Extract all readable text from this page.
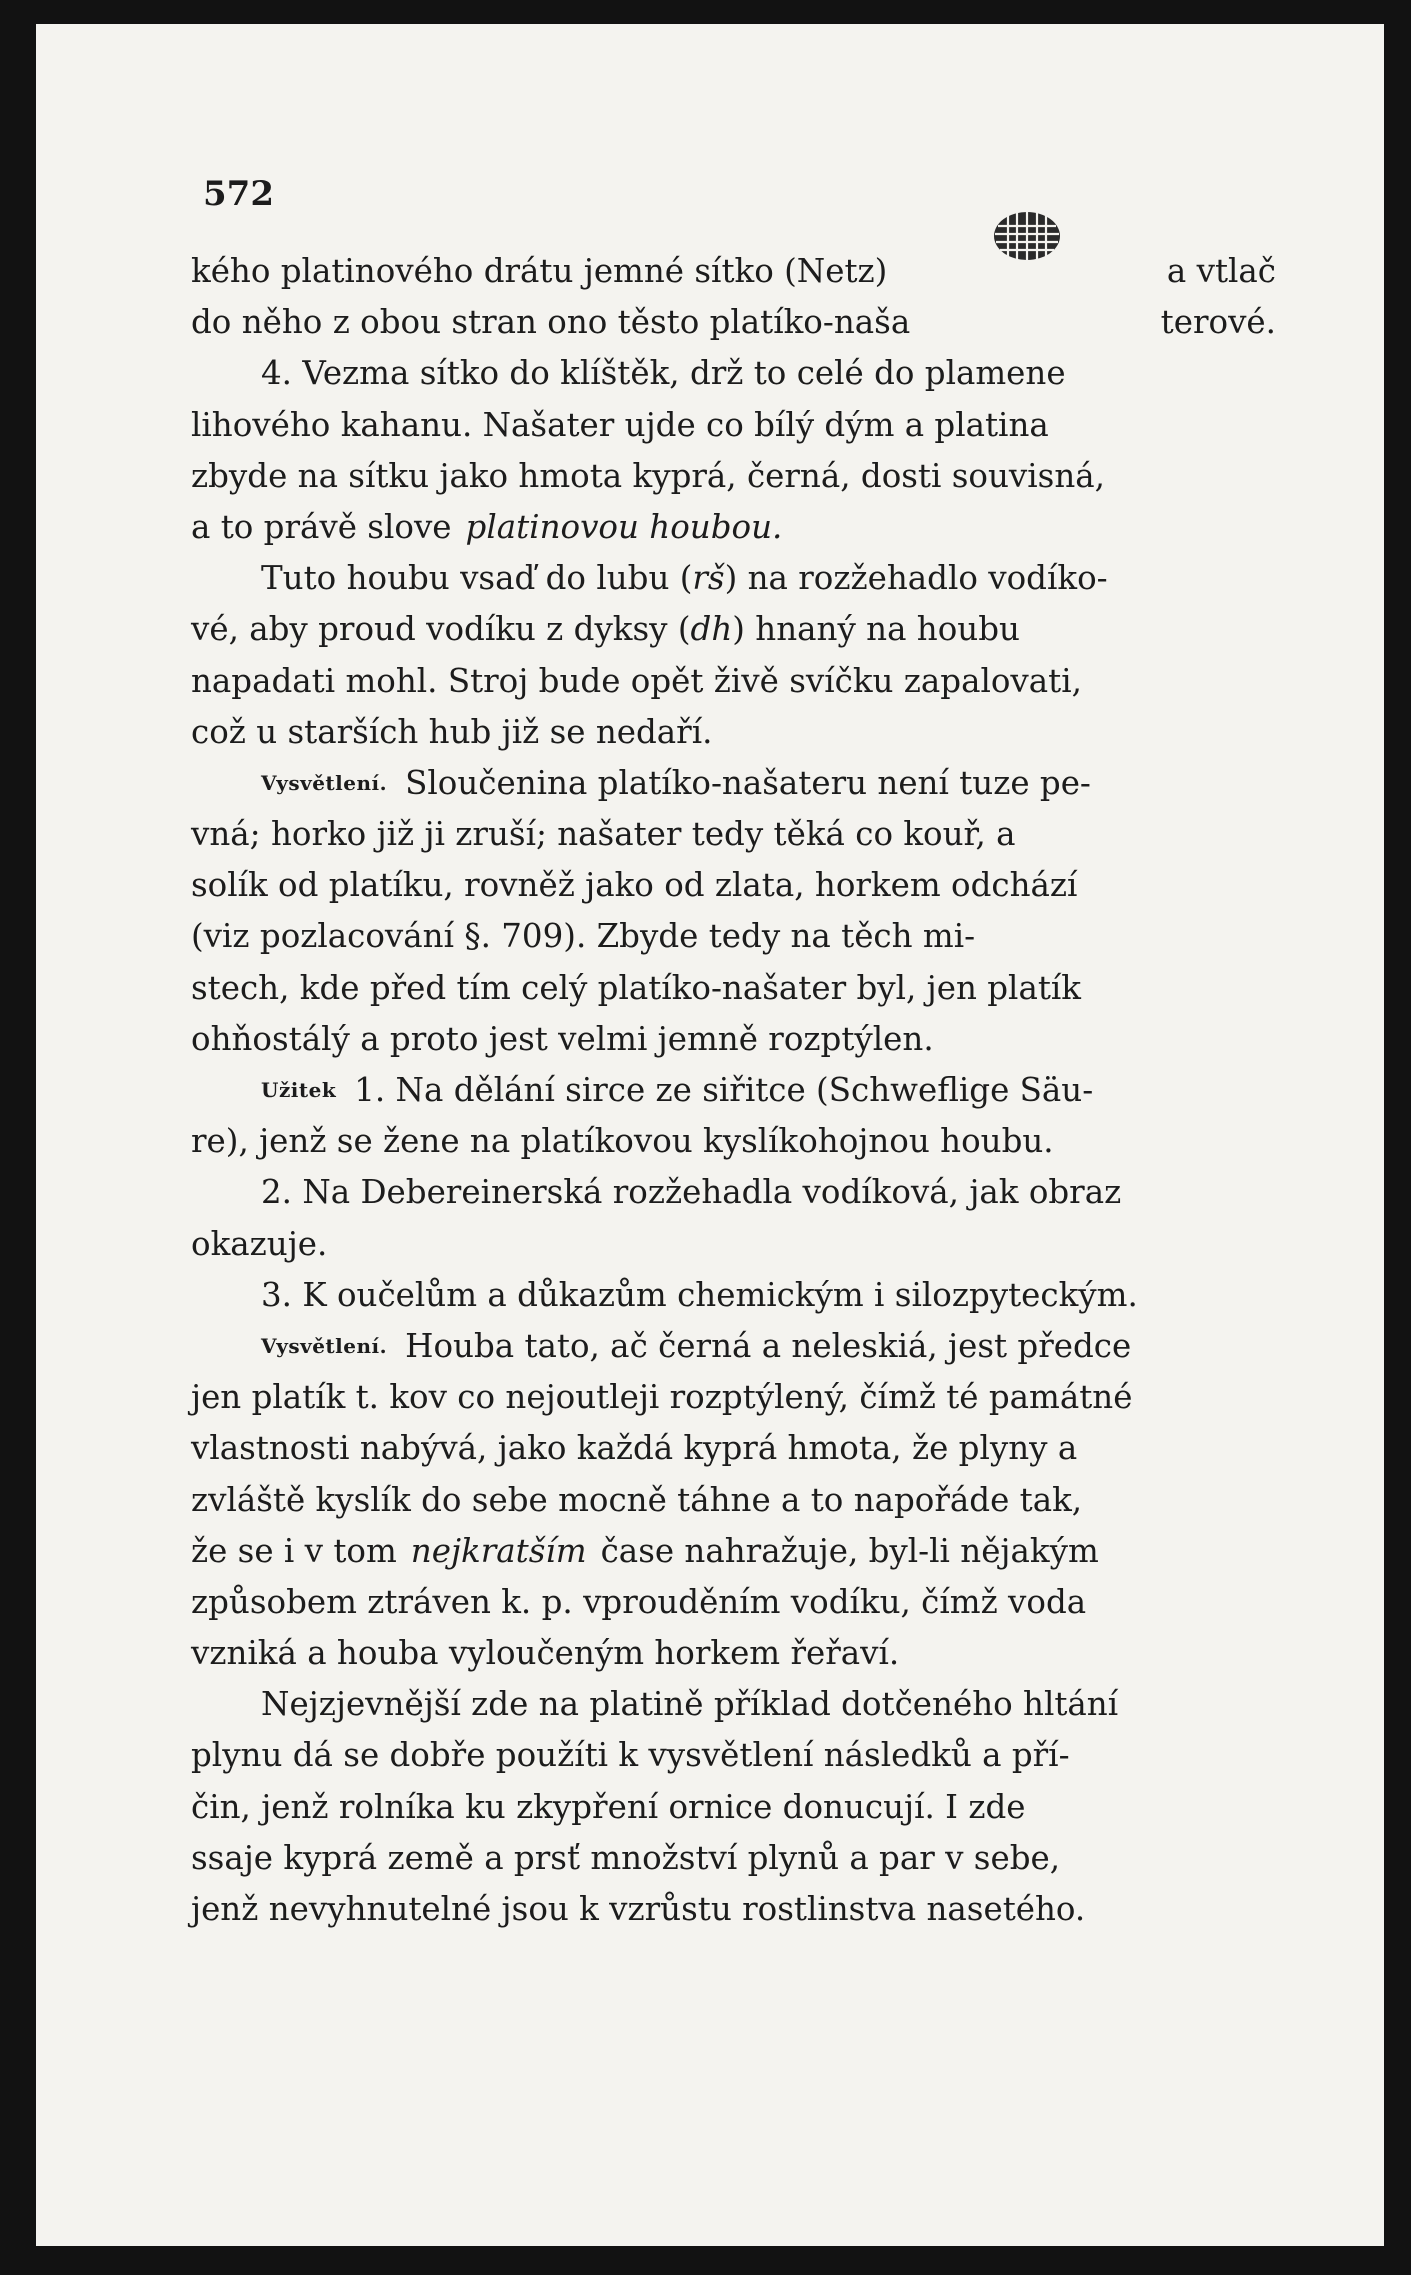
572
kého platinového drátu jemné sítko (Netz)	a vtlač
do něho z obou stran ono těsto platíko-naša	terové.
4. Vezma sítko do klíštěk, drž to celé do plamene
lihového kahanu. Našater ujde co bílý dým a platina
zbyde na sítku jako hmota kyprá, černá, dosti souvisná,
a to právě slove platinovou houbou.
Tuto houbu vsaď do lubu ( rš ) na rozžehadlo vodíko-
vé, aby proud vodíku z dyksy ( dh ) hnaný na houbu
napadati mohl. Stroj bude opět živě svíčku zapalovati,
což u starších hub již se nedaří.
Vysvětlení. Sloučenina platíko-našateru není tuze pe-
vná; horko již ji zruší; našater tedy těká co kouř, a
solík od platíku, rovněž jako od zlata, horkem odchází
(viz pozlacování §. 709). Zbyde tedy na těch mi-
stech, kde před tím celý platíko-našater byl, jen platík
ohňostálý a proto jest velmi jemně rozptýlen.
Užitek 1. Na dělání sirce ze siřitce (Schweflige Säu-
re), jenž se žene na platíkovou kyslíkohojnou houbu.
2. Na Debereinerská rozžehadla vodíková, jak obraz
okazuje.
3. K oučelům a důkazům chemickým i silozpyteckým.
Vysvětlení. Houba tato, ač černá a neleskiá, jest předce
jen platík t. kov co nejoutleji rozptýlený, čímž té památné
vlastnosti nabývá, jako každá kyprá hmota, že plyny a
zvláště kyslík do sebe mocně táhne a to napořáde tak,
že se i v tom nejkratším čase nahražuje, byl-li nějakým
způsobem ztráven k. p. vprouděním vodíku, čímž voda
vzniká a houba vyloučeným horkem řeřaví.
Nejzjevnější zde na platině příklad dotčeného hltání
plynu dá se dobře použíti k vysvětlení následků a pří-
čin, jenž rolníka ku zkypření ornice donucují. I zde
ssaje kyprá země a prsť množství plynů a par v sebe,
jenž nevyhnutelné jsou k vzrůstu rostlinstva nasetého.
